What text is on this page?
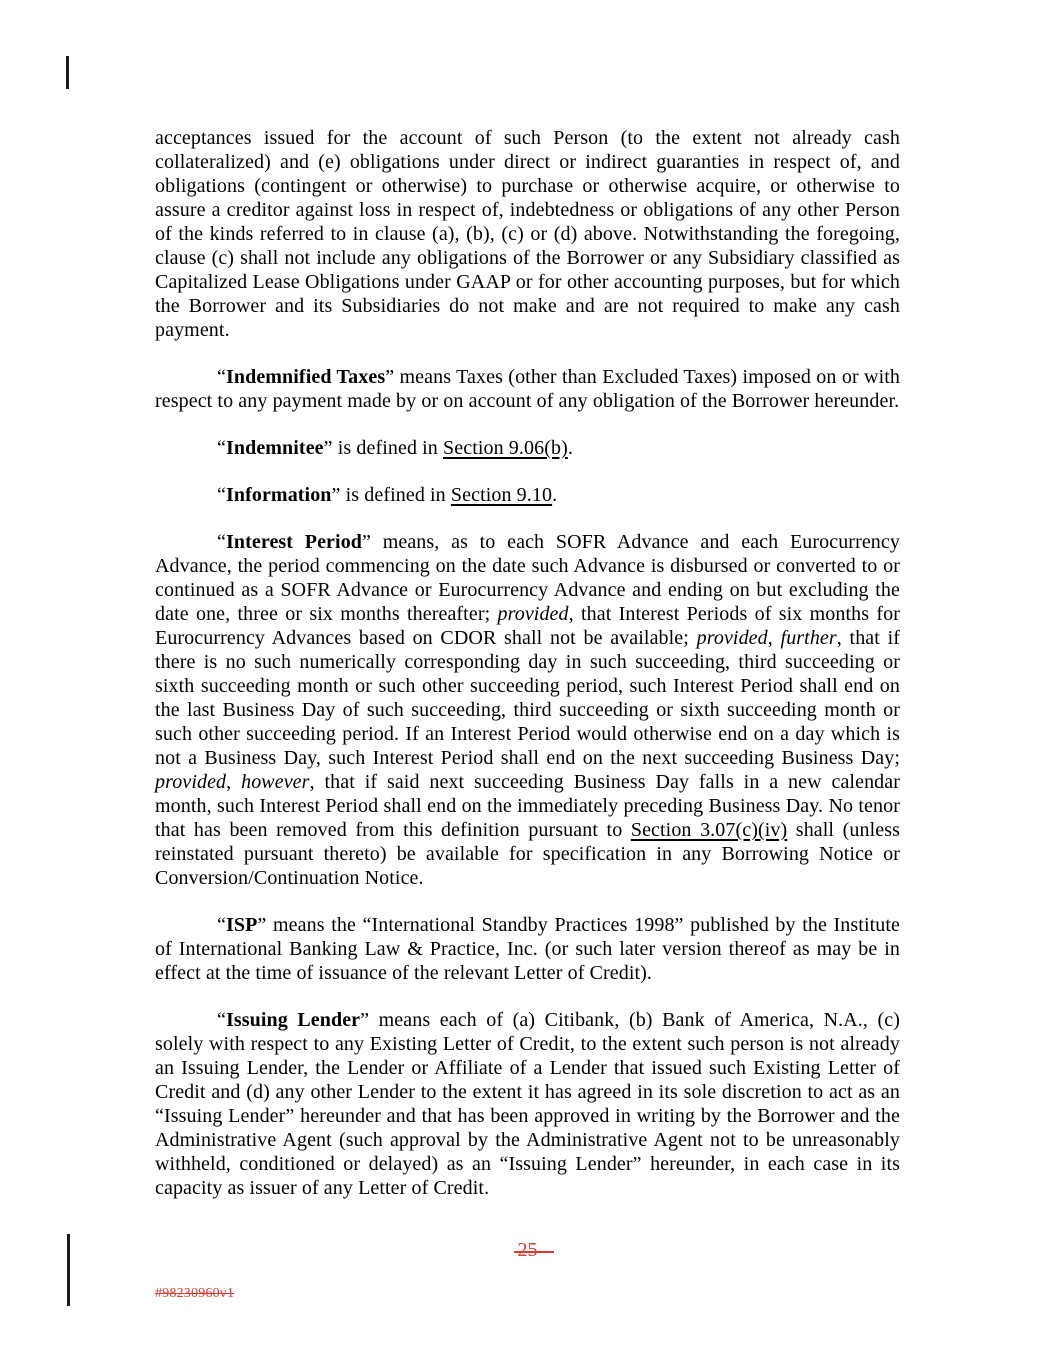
acceptances issued for the account of such Person (to the extent not already cash collateralized) and (e) obligations under direct or indirect guaranties in respect of, and obligations (contingent or otherwise) to purchase or otherwise acquire, or otherwise to assure a creditor against loss in respect of, indebtedness or obligations of any other Person of the kinds referred to in clause (a), (b), (c) or (d) above. Notwithstanding the foregoing, clause (c) shall not include any obligations of the Borrower or any Subsidiary classified as Capitalized Lease Obligations under GAAP or for other accounting purposes, but for which the Borrower and its Subsidiaries do not make and are not required to make any cash payment.

“Indemnified Taxes” means Taxes (other than Excluded Taxes) imposed on or with respect to any payment made by or on account of any obligation of the Borrower hereunder.

“Indemnitee” is defined in Section 9.06(b).

“Information” is defined in Section 9.10.

“Interest Period” means, as to each SOFR Advance and each Eurocurrency Advance, the period commencing on the date such Advance is disbursed or converted to or continued as a SOFR Advance or Eurocurrency Advance and ending on but excluding the date one, three or six months thereafter; provided, that Interest Periods of six months for Eurocurrency Advances based on CDOR shall not be available; provided, further, that if there is no such numerically corresponding day in such succeeding, third succeeding or sixth succeeding month or such other succeeding period, such Interest Period shall end on the last Business Day of such succeeding, third succeeding or sixth succeeding month or such other succeeding period. If an Interest Period would otherwise end on a day which is not a Business Day, such Interest Period shall end on the next succeeding Business Day; provided, however, that if said next succeeding Business Day falls in a new calendar month, such Interest Period shall end on the immediately preceding Business Day. No tenor that has been removed from this definition pursuant to Section 3.07(c)(iv) shall (unless reinstated pursuant thereto) be available for specification in any Borrowing Notice or Conversion/Continuation Notice.

“ISP” means the “International Standby Practices 1998” published by the Institute of International Banking Law & Practice, Inc. (or such later version thereof as may be in effect at the time of issuance of the relevant Letter of Credit).

“Issuing Lender” means each of (a) Citibank, (b) Bank of America, N.A., (c) solely with respect to any Existing Letter of Credit, to the extent such person is not already an Issuing Lender, the Lender or Affiliate of a Lender that issued such Existing Letter of Credit and (d) any other Lender to the extent it has agreed in its sole discretion to act as an “Issuing Lender” hereunder and that has been approved in writing by the Borrower and the Administrative Agent (such approval by the Administrative Agent not to be unreasonably withheld, conditioned or delayed) as an “Issuing Lender” hereunder, in each case in its capacity as issuer of any Letter of Credit.

25
#98230960v1
